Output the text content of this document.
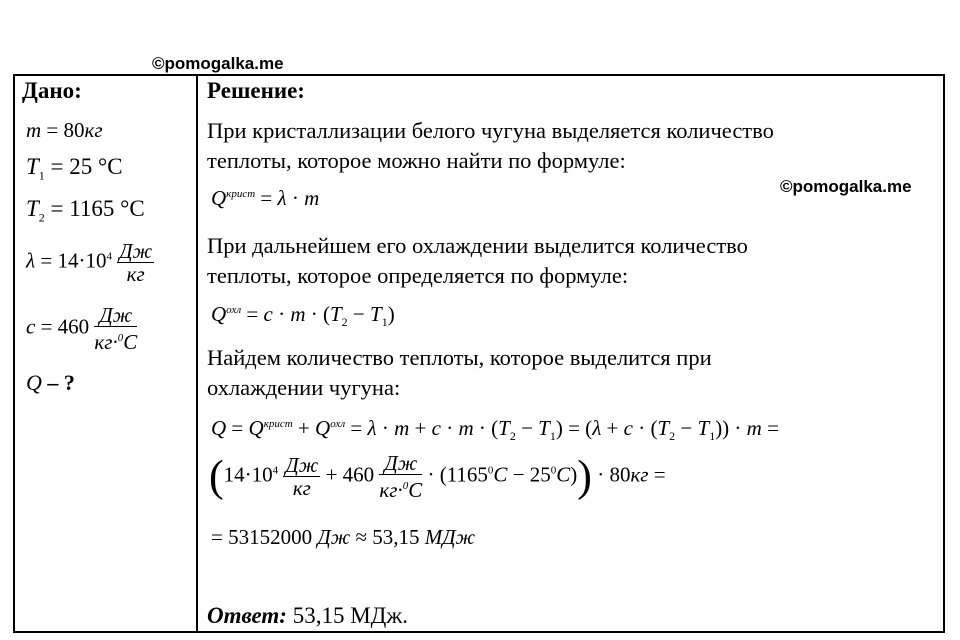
©pomogalka.me
©pomogalka.me
Дано:
m = 80кг
$T_1 = 25$ °C
$T_2 = 1165$ °C
$\lambda = 14\cdot 10^4 \frac{Дж}{кг}$
$c = 460 \frac{Дж}{кг\cdot^0C}$
Q – ?
Решение:
При кристаллизации белого чугуна выделяется количество
теплоты, которое можно найти по формуле:
$Q^{крист} = \lambda \cdot m$
При дальнейшем его охлаждении выделится количество
теплоты, которое определяется по формуле:
$Q^{охл} = c \cdot m \cdot (T_2 - T_1)$
Найдем количество теплоты, которое выделится при
охлаждении чугуна:
$Q = Q^{крист} + Q^{охл} = \lambda \cdot m + c \cdot m \cdot (T_2 - T_1) = (\lambda + c \cdot (T_2 - T_1)) \cdot m$ =
$(14\cdot 10^4 \frac{Дж}{кг} + 460 \frac{Дж}{кг\cdot^0C} \cdot (1165^0C - 25^0C)) \cdot 80кг$ =
= 53152000 Дж ≈ 53,15 МДж
Ответ: 53,15 МДж.
